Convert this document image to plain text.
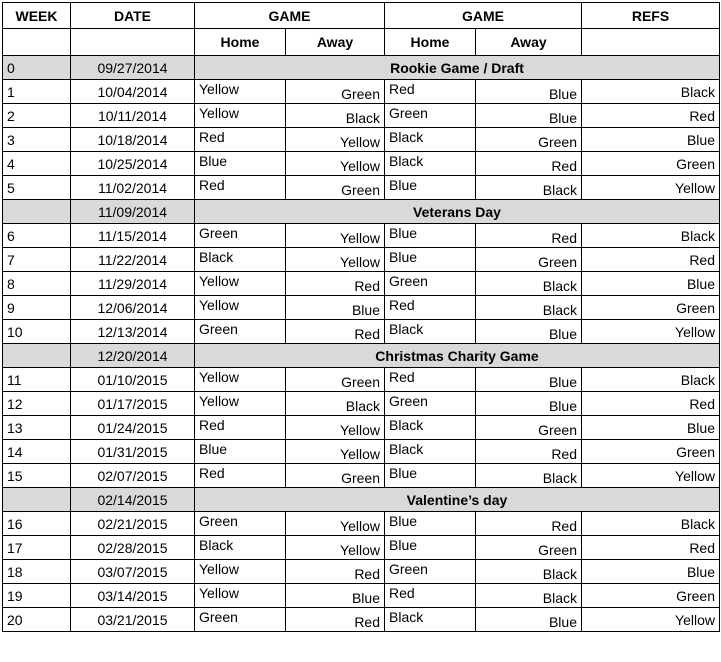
WEEK	DATE	GAME		GAME		REFS
		Home	Away	Home	Away	
0	09/27/2014	Rookie Game / Draft				
1	10/04/2014	Yellow	Green	Red	Blue	Black
2	10/11/2014	Yellow	Black	Green	Blue	Red
3	10/18/2014	Red	Yellow	Black	Green	Blue
4	10/25/2014	Blue	Yellow	Black	Red	Green
5	11/02/2014	Red	Green	Blue	Black	Yellow
	11/09/2014	Veterans Day				
6	11/15/2014	Green	Yellow	Blue	Red	Black
7	11/22/2014	Black	Yellow	Blue	Green	Red
8	11/29/2014	Yellow	Red	Green	Black	Blue
9	12/06/2014	Yellow	Blue	Red	Black	Green
10	12/13/2014	Green	Red	Black	Blue	Yellow
	12/20/2014	Christmas Charity Game				
11	01/10/2015	Yellow	Green	Red	Blue	Black
12	01/17/2015	Yellow	Black	Green	Blue	Red
13	01/24/2015	Red	Yellow	Black	Green	Blue
14	01/31/2015	Blue	Yellow	Black	Red	Green
15	02/07/2015	Red	Green	Blue	Black	Yellow
	02/14/2015	Valentine’s day				
16	02/21/2015	Green	Yellow	Blue	Red	Black
17	02/28/2015	Black	Yellow	Blue	Green	Red
18	03/07/2015	Yellow	Red	Green	Black	Blue
19	03/14/2015	Yellow	Blue	Red	Black	Green
20	03/21/2015	Green	Red	Black	Blue	Yellow
